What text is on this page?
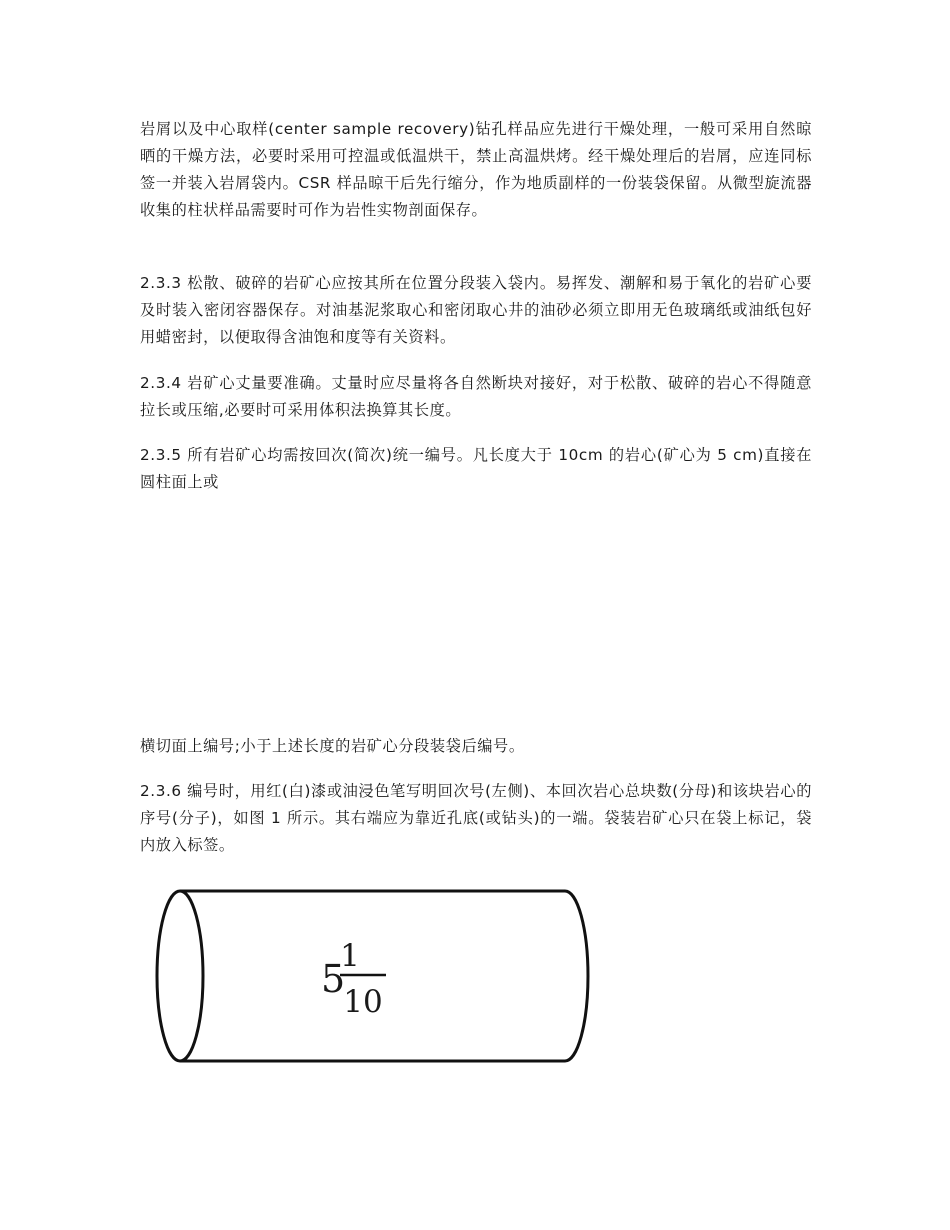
岩屑以及中心取样(center sample recovery)钻孔样品应先进行干燥处理，一般可采用自然晾晒的干燥方法，必要时采用可控温或低温烘干，禁止高温烘烤。经干燥处理后的岩屑，应连同标签一并装入岩屑袋内。CSR 样品晾干后先行缩分，作为地质副样的一份装袋保留。从微型旋流器收集的柱状样品需要时可作为岩性实物剖面保存。

2.3.3 松散、破碎的岩矿心应按其所在位置分段装入袋内。易挥发、潮解和易于氧化的岩矿心要及时装入密闭容器保存。对油基泥浆取心和密闭取心井的油砂必须立即用无色玻璃纸或油纸包好用蜡密封，以便取得含油饱和度等有关资料。

2.3.4 岩矿心丈量要准确。丈量时应尽量将各自然断块对接好，对于松散、破碎的岩心不得随意拉长或压缩,必要时可采用体积法换算其长度。

2.3.5 所有岩矿心均需按回次(简次)统一编号。凡长度大于 10cm 的岩心(矿心为 5 cm)直接在圆柱面上或

横切面上编号;小于上述长度的岩矿心分段装袋后编号。

2.3.6 编号时，用红(白)漆或油浸色笔写明回次号(左侧)、本回次岩心总块数(分母)和该块岩心的序号(分子)，如图 1 所示。其右端应为靠近孔底(或钻头)的一端。袋装岩矿心只在袋上标记，袋内放入标签。

5
1
10
